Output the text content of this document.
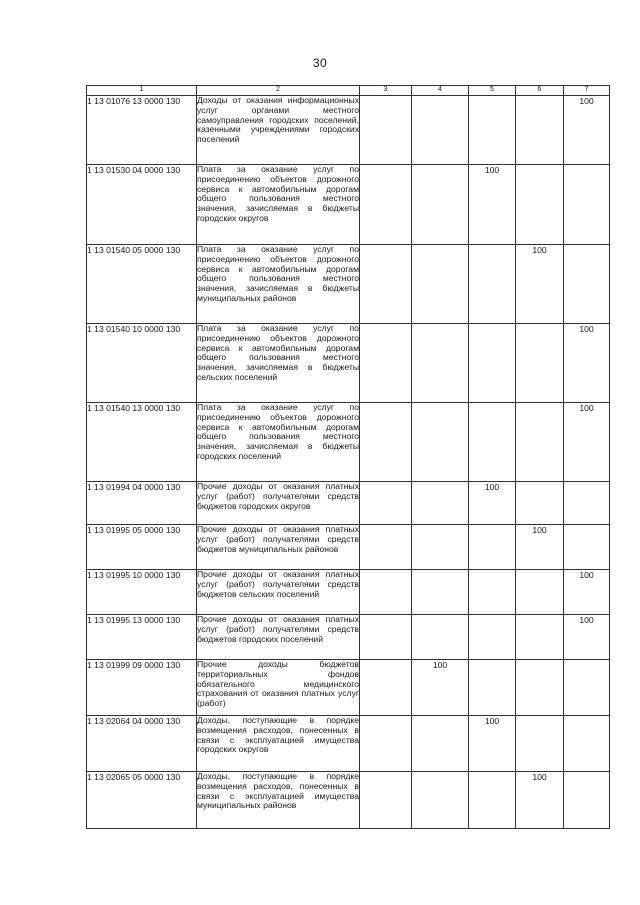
30
1	2	3	4	5	6	7
1 13 01076 13 0000 130	Доходы от оказания информационных услуг органами местного самоуправления городских поселений, казенными учреждениями городских поселений					100
1 13 01530 04 0000 130	Плата за оказание услуг по присоединению объектов дорожного сервиса к автомобильным дорогам общего пользования местного значения, зачисляемая в бюджеты городских округов			100		
1 13 01540 05 0000 130	Плата за оказание услуг по присоединению объектов дорожного сервиса к автомобильным дорогам общего пользования местного значения, зачисляемая в бюджеты муниципальных районов				100	
1 13 01540 10 0000 130	Плата за оказание услуг по присоединению объектов дорожного сервиса к автомобильным дорогам общего пользования местного значения, зачисляемая в бюджеты сельских поселений					100
1 13 01540 13 0000 130	Плата за оказание услуг по присоединению объектов дорожного сервиса к автомобильным дорогам общего пользования местного значения, зачисляемая в бюджеты городских поселений					100
1 13 01994 04 0000 130	Прочие доходы от оказания платных услуг (работ) получателями средств бюджетов городских округов			100		
1 13 01995 05 0000 130	Прочие доходы от оказания платных услуг (работ) получателями средств бюджетов муниципальных районов				100	
1 13 01995 10 0000 130	Прочие доходы от оказания платных услуг (работ) получателями средств бюджетов сельских поселений					100
1 13 01995 13 0000 130	Прочие доходы от оказания платных услуг (работ) получателями средств бюджетов городских поселений					100
1 13 01999 09 0000 130	Прочие доходы бюджетов территориальных фондов обязательного медицинского страхования от оказания платных услуг (работ)		100			
1 13 02064 04 0000 130	Доходы, поступающие в порядке возмещения расходов, понесенных в связи с эксплуатацией имущества городских округов			100		
1 13 02065 05 0000 130	Доходы, поступающие в порядке возмещения расходов, понесенных в связи с эксплуатацией имущества муниципальных районов				100	
